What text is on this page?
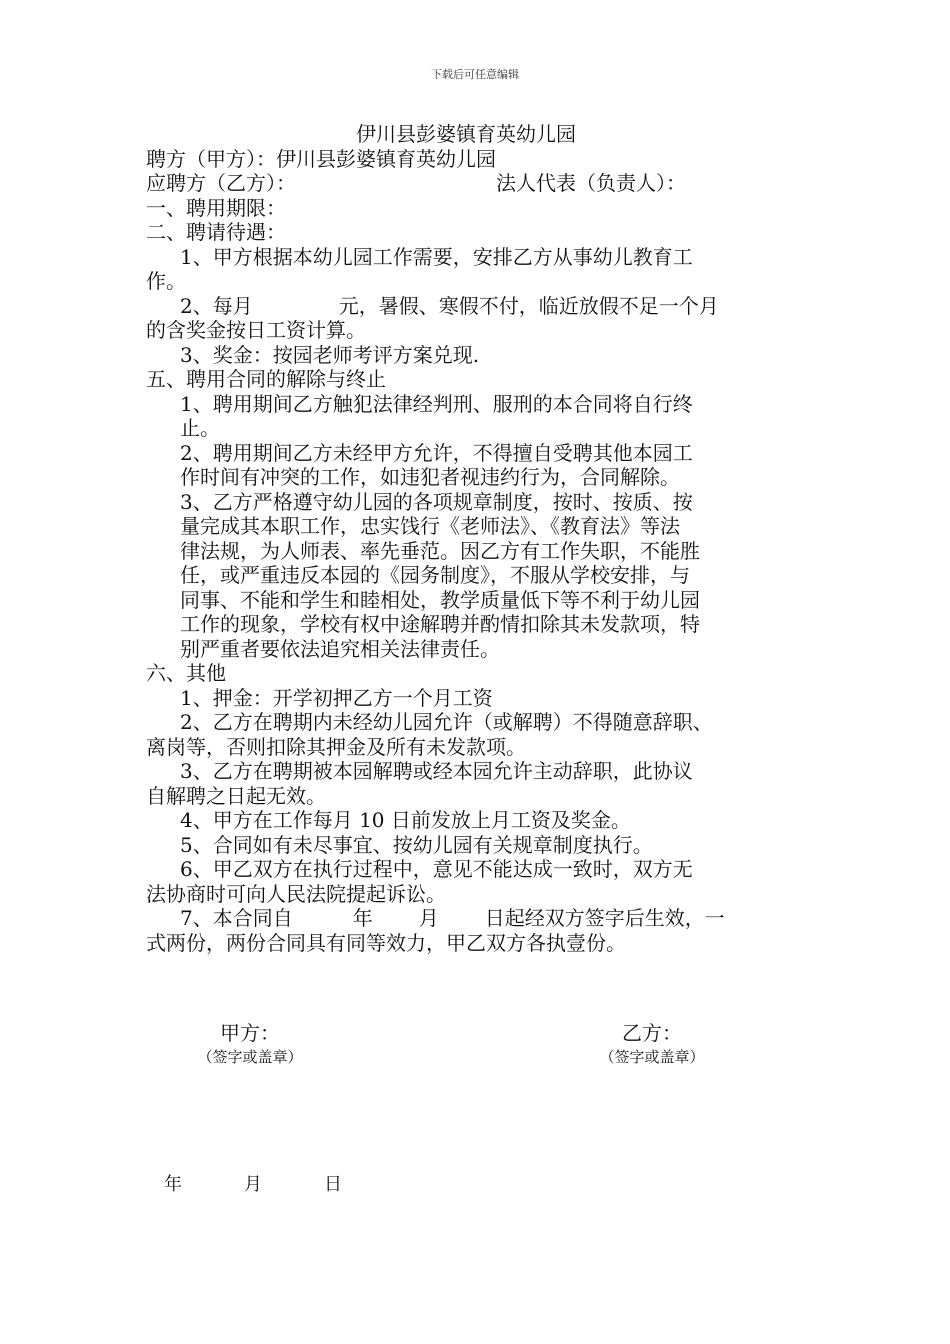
下载后可任意编辑
伊川县彭婆镇育英幼儿园
聘方（甲方）：伊川县彭婆镇育英幼儿园
应聘方（乙方）：	法人代表（负责人）：
一、聘用期限：
二、聘请待遇：
1、甲方根据本幼儿园工作需要，安排乙方从事幼儿教育工
作。
2、每月	元，暑假、寒假不付，临近放假不足一个月
的含奖金按日工资计算。
3、奖金：按园老师考评方案兑现.
五、聘用合同的解除与终止
1、聘用期间乙方触犯法律经判刑、服刑的本合同将自行终
止。
2、聘用期间乙方未经甲方允许，不得擅自受聘其他本园工
作时间有冲突的工作，如违犯者视违约行为，合同解除。
3、乙方严格遵守幼儿园的各项规章制度，按时、按质、按
量完成其本职工作，忠实饯行《老师法》、《教育法》等法
律法规，为人师表、率先垂范。因乙方有工作失职，不能胜
任，或严重违反本园的《园务制度》，不服从学校安排，与
同事、不能和学生和睦相处，教学质量低下等不利于幼儿园
工作的现象，学校有权中途解聘并酌情扣除其未发款项，特
别严重者要依法追究相关法律责任。
六、其他
1、押金：开学初押乙方一个月工资
2、乙方在聘期内未经幼儿园允许（或解聘）不得随意辞职、
离岗等，否则扣除其押金及所有未发款项。
3、乙方在聘期被本园解聘或经本园允许主动辞职，此协议
自解聘之日起无效。
4、甲方在工作每月 10 日前发放上月工资及奖金。
5、合同如有未尽事宜、按幼儿园有关规章制度执行。
6、甲乙双方在执行过程中，意见不能达成一致时，双方无
法协商时可向人民法院提起诉讼。
7、本合同自	年 月 日起经双方签字后生效，一
式两份，两份合同具有同等效力，甲乙双方各执壹份。
甲方：
（签字或盖章）
乙方：
（签字或盖章）
年	月	日
